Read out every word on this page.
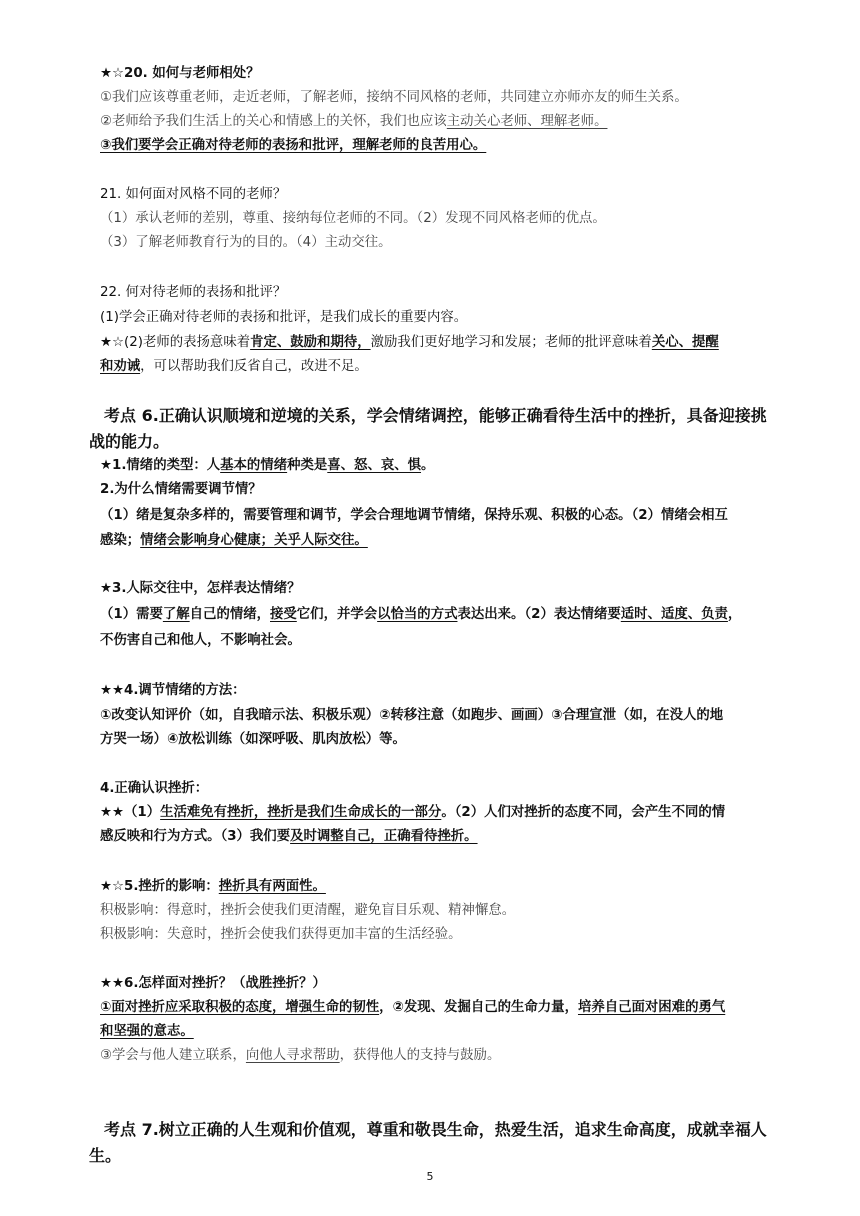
★☆20. 如何与老师相处？
①我们应该尊重老师，走近老师，了解老师，接纳不同风格的老师，共同建立亦师亦友的师生关系。
②老师给予我们生活上的关心和情感上的关怀，我们也应该主动关心老师、理解老师。
③我们要学会正确对待老师的表扬和批评，理解老师的良苦用心。
21. 如何面对风格不同的老师？
（1）承认老师的差别，尊重、接纳每位老师的不同。（2）发现不同风格老师的优点。
（3）了解老师教育行为的目的。（4）主动交往。
22. 何对待老师的表扬和批评？
(1)学会正确对待老师的表扬和批评，是我们成长的重要内容。
★☆(2)老师的表扬意味着肯定、鼓励和期待，激励我们更好地学习和发展；老师的批评意味着关心、提醒
和劝诫，可以帮助我们反省自己，改进不足。
考点 6.正确认识顺境和逆境的关系，学会情绪调控，能够正确看待生活中的挫折，具备迎接挑
战的能力。
★1.情绪的类型：人基本的情绪种类是喜、怒、哀、惧。
2.为什么情绪需要调节情？
（1）绪是复杂多样的，需要管理和调节，学会合理地调节情绪，保持乐观、积极的心态。（2）情绪会相互
感染；情绪会影响身心健康；关乎人际交往。
★3.人际交往中，怎样表达情绪？
（1）需要了解自己的情绪，接受它们，并学会以恰当的方式表达出来。（2）表达情绪要适时、适度、负责，
不伤害自己和他人，不影响社会。
★★4.调节情绪的方法：
①改变认知评价（如，自我暗示法、积极乐观）②转移注意（如跑步、画画）③合理宣泄（如，在没人的地
方哭一场）④放松训练（如深呼吸、肌肉放松）等。
4.正确认识挫折：
★★（1）生活难免有挫折，挫折是我们生命成长的一部分。（2）人们对挫折的态度不同，会产生不同的情
感反映和行为方式。（3）我们要及时调整自己，正确看待挫折。
★☆5.挫折的影响：挫折具有两面性。
积极影响：得意时，挫折会使我们更清醒，避免盲目乐观、精神懈怠。
积极影响：失意时，挫折会使我们获得更加丰富的生活经验。
★★6.怎样面对挫折？（战胜挫折？）
①面对挫折应采取积极的态度，增强生命的韧性，②发现、发掘自己的生命力量，培养自己面对困难的勇气
和坚强的意志。
③学会与他人建立联系，向他人寻求帮助，获得他人的支持与鼓励。
考点 7.树立正确的人生观和价值观，尊重和敬畏生命，热爱生活，追求生命高度，成就幸福人
生。
5
